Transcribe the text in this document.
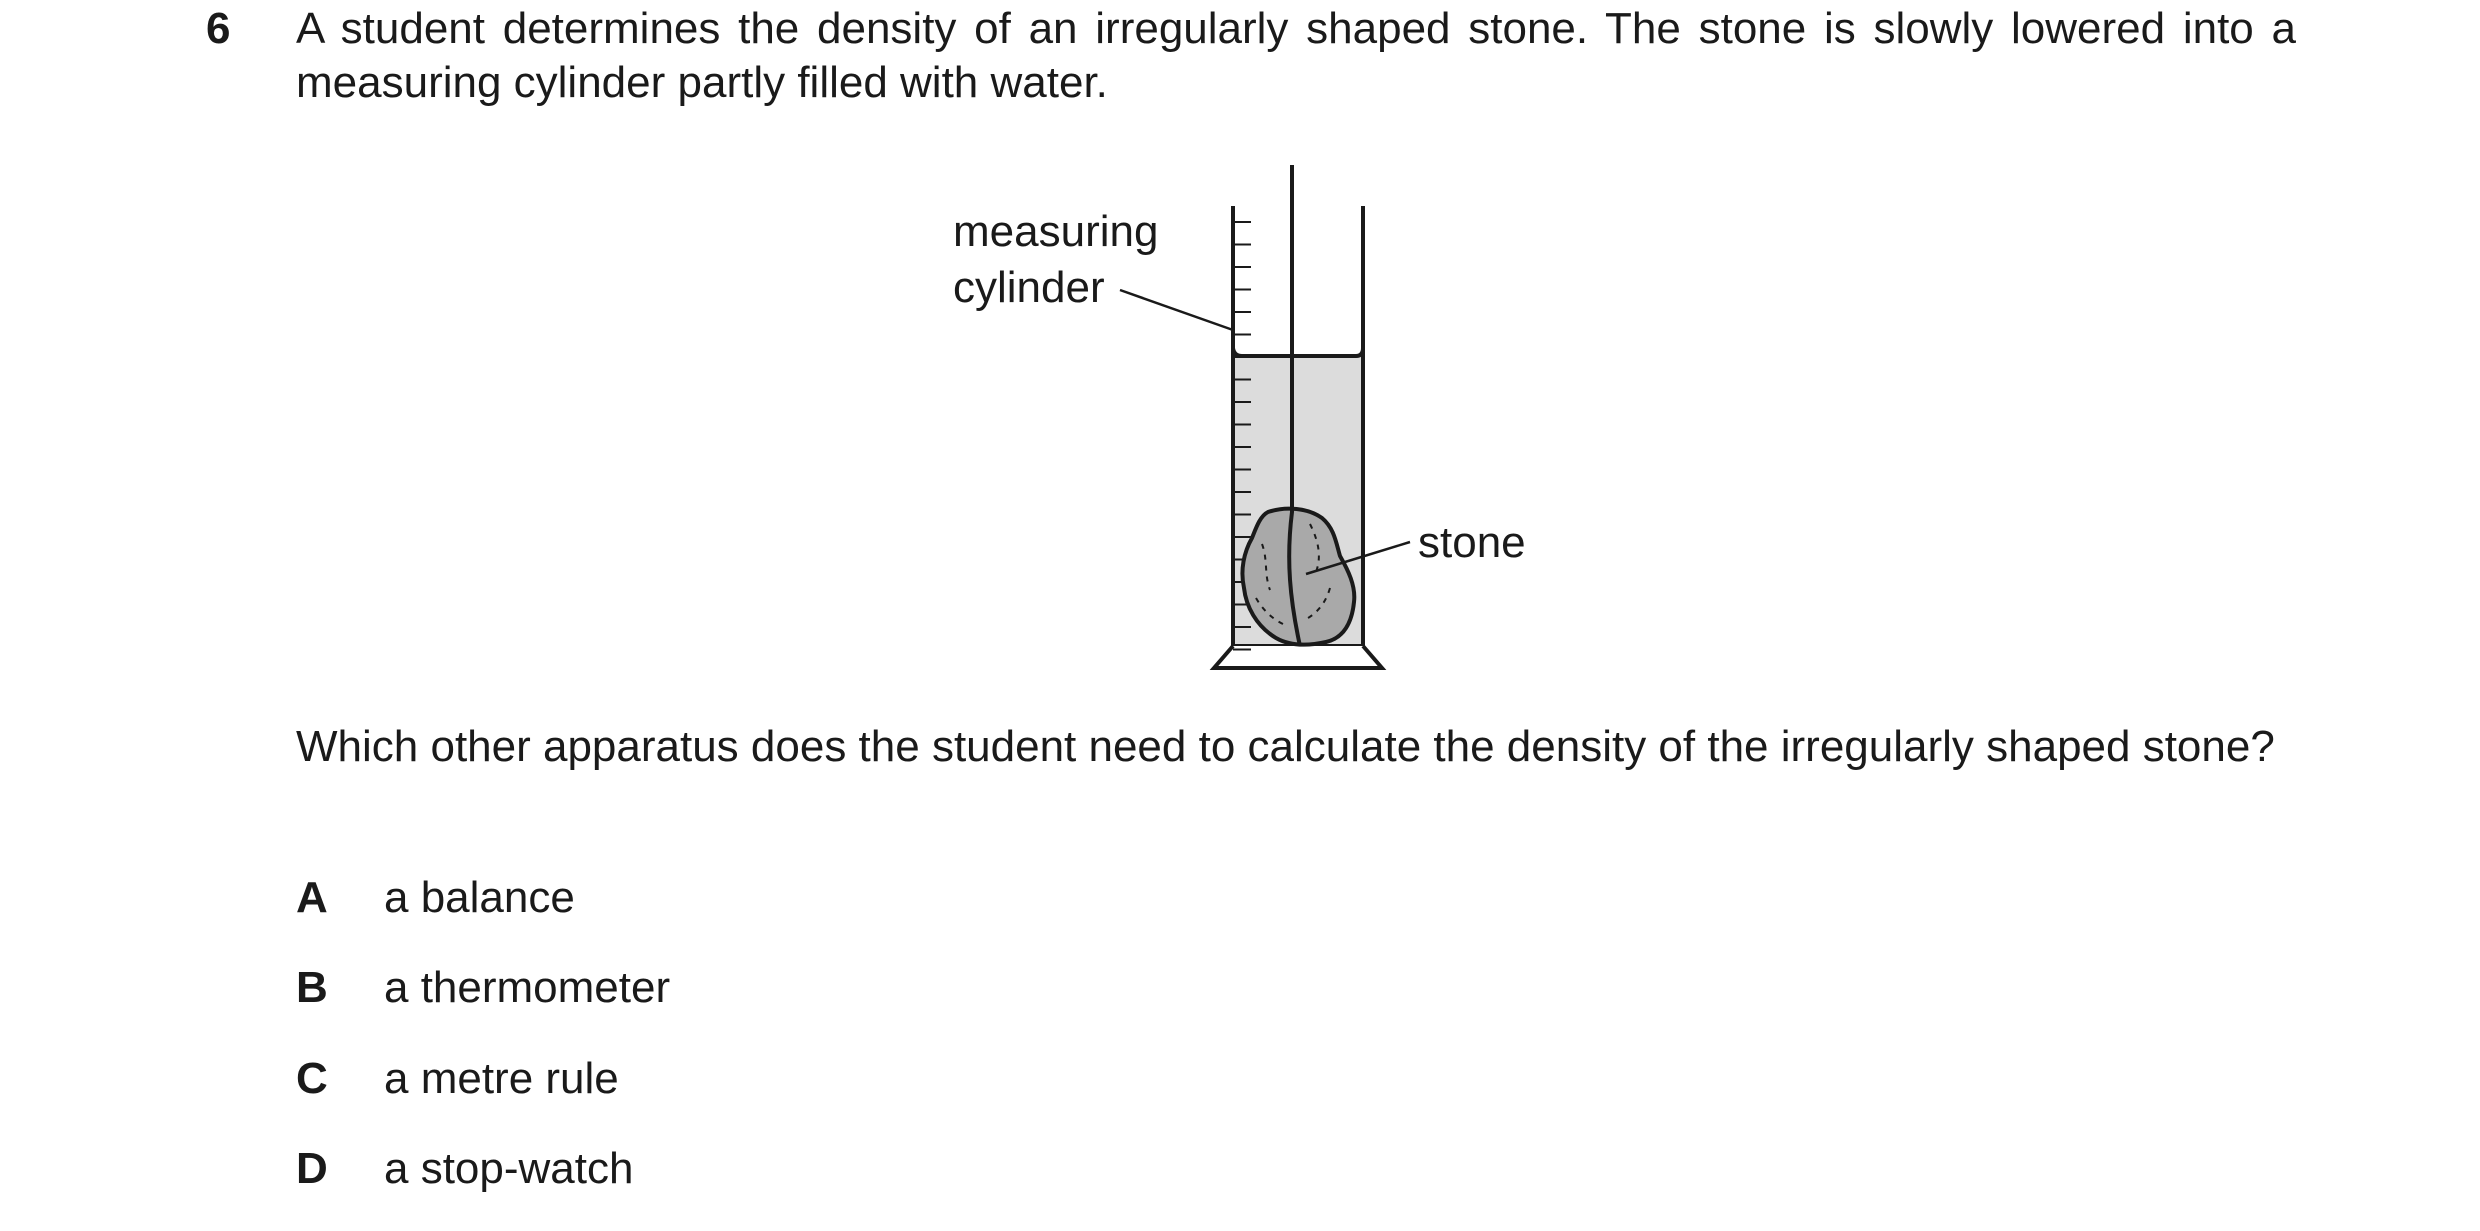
6 A student determines the density of an irregularly shaped stone. The stone is slowly lowered into a measuring cylinder partly filled with water.
measuring
cylinder
stone
Which other apparatus does the student need to calculate the density of the irregularly shaped stone?
A a balance
B a thermometer
C a metre rule
D a stop-watch
